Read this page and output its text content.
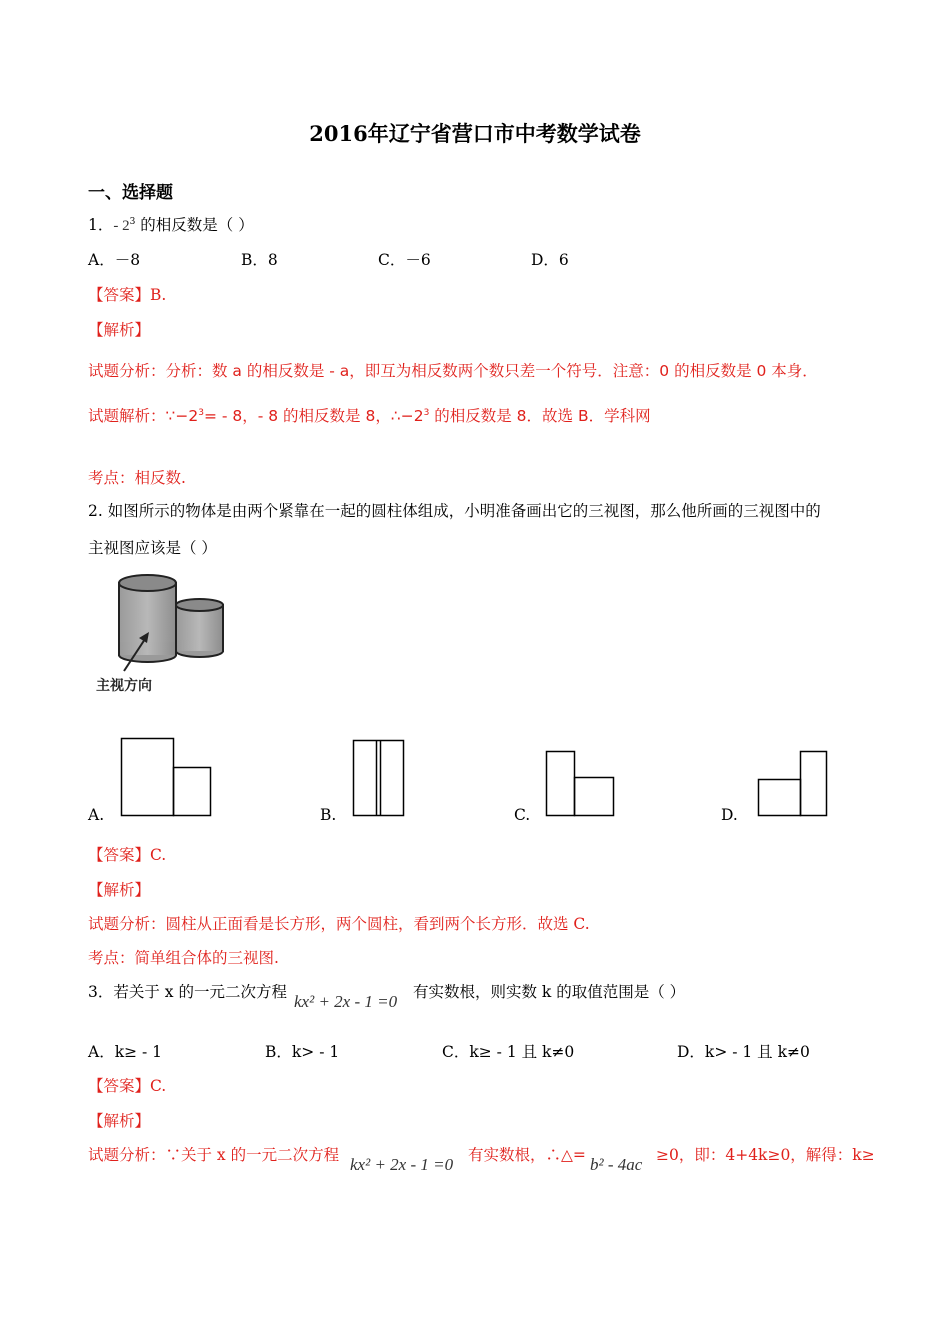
2016年辽宁省营口市中考数学试卷
一、选择题
1．- $2^3$ 的相反数是（ ）
A．－8	B．8	C．－6	D．6
【答案】B.
【解析】
试题分析：分析：数 a 的相反数是 - a，即互为相反数两个数只差一个符号．注意：0 的相反数是 0 本身．
试题解析：$\because-2^3= - 8$，- 8 的相反数是 8，$\therefore-2^3$ 的相反数是 8．故选 B．学科网
考点：相反数.
2. 如图所示的物体是由两个紧靠在一起的圆柱体组成，小明准备画出它的三视图，那么他所画的三视图中的
主视图应该是（ ）
主视方向
A.	B.	C.	D.
【答案】C.
【解析】
试题分析：圆柱从正面看是长方形，两个圆柱，看到两个长方形．故选 C.
考点：简单组合体的三视图.
3．若关于 x 的一元二次方程 kx² + 2x - 1 =0 有实数根，则实数 k 的取值范围是（ ）
A．k≥ - 1	B．k> - 1	C．k≥ - 1 且 k≠0	D．k> - 1 且 k≠0
【答案】C.
【解析】
试题分析：∵关于 x 的一元二次方程 kx² + 2x - 1 =0 有实数根，∴△= b² - 4ac ≥0，即：4+4k≥0，解得：k≥
